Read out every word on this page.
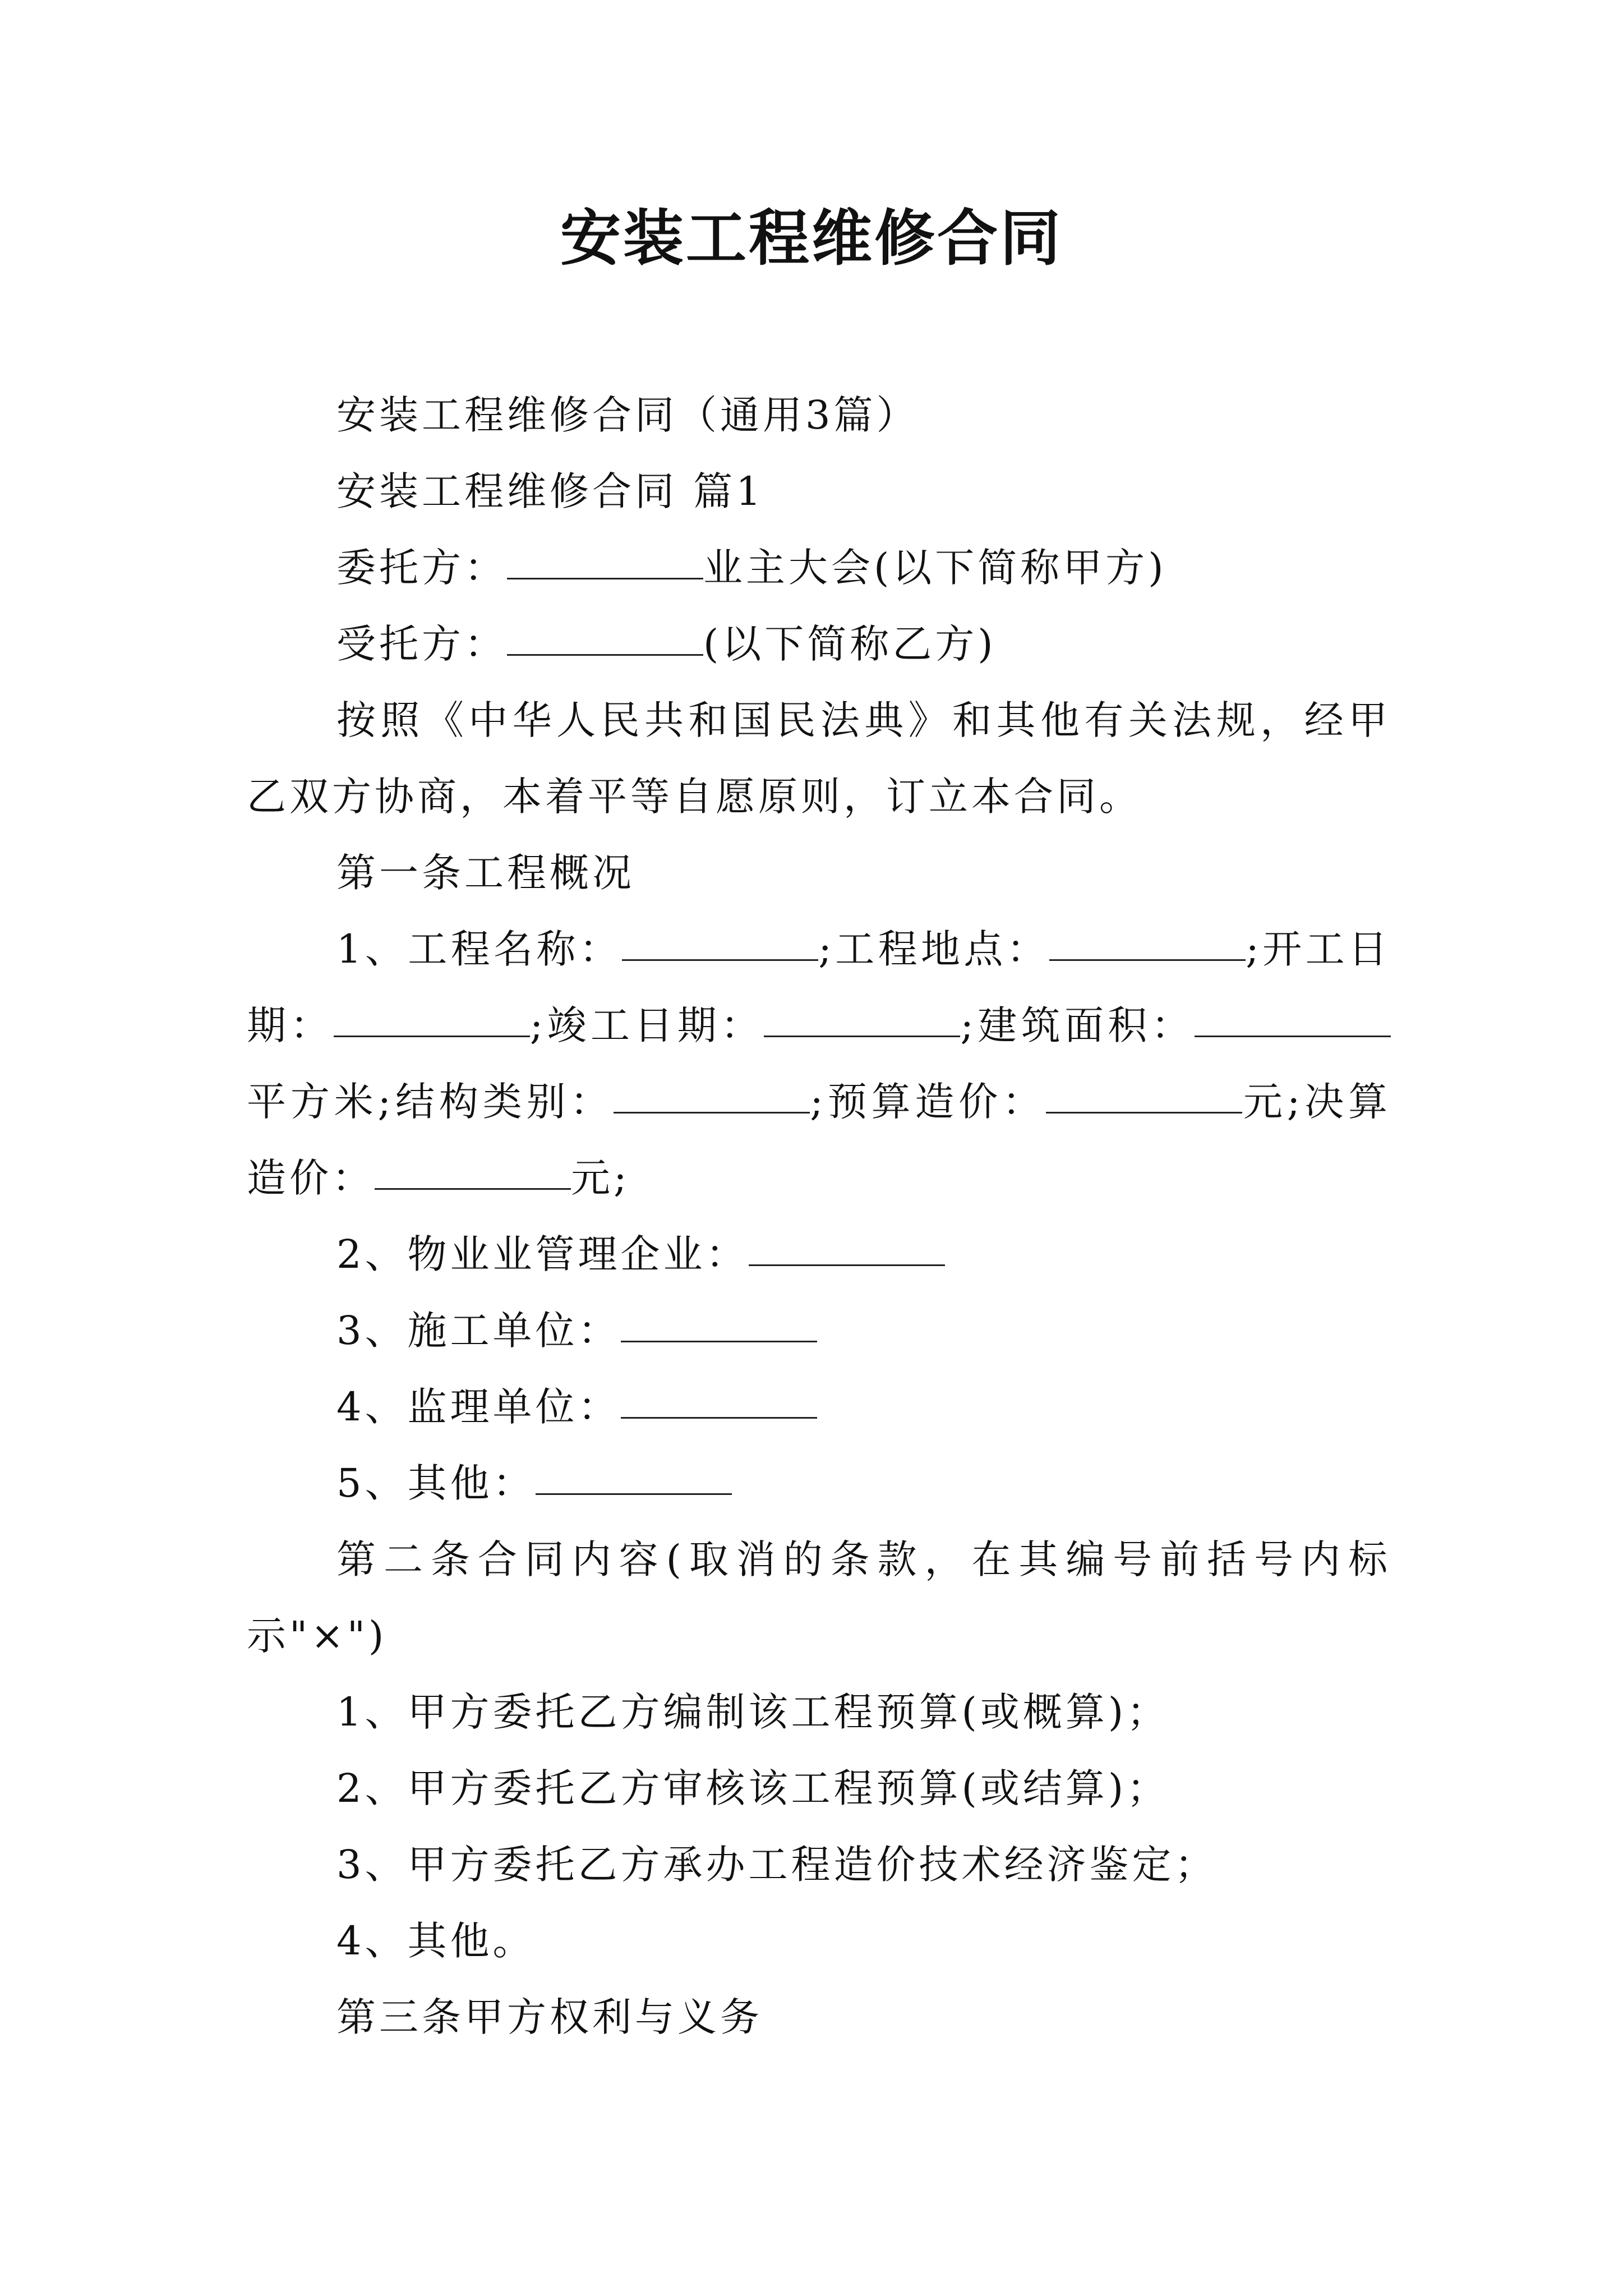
安装工程维修合同

安装工程维修合同（通用3篇）

安装工程维修合同 篇1

委托方：	业主大会(以下简称甲方)

受托方：	(以下简称乙方)

按照《中华人民共和国民法典》和其他有关法规，经甲乙双方协商，本着平等自愿原则，订立本合同。

第一条工程概况

1、工程名称：	;工程地点：	;开工日期：	;竣工日期：	;建筑面积：平方米;结构类别：	;预算造价：	元;决算造价：	元;

2、物业业管理企业：

3、施工单位：

4、监理单位：

5、其他：

第二条合同内容(取消的条款，在其编号前括号内标示"×")

1、甲方委托乙方编制该工程预算(或概算)；

2、甲方委托乙方审核该工程预算(或结算)；

3、甲方委托乙方承办工程造价技术经济鉴定；

4、其他。

第三条甲方权利与义务
